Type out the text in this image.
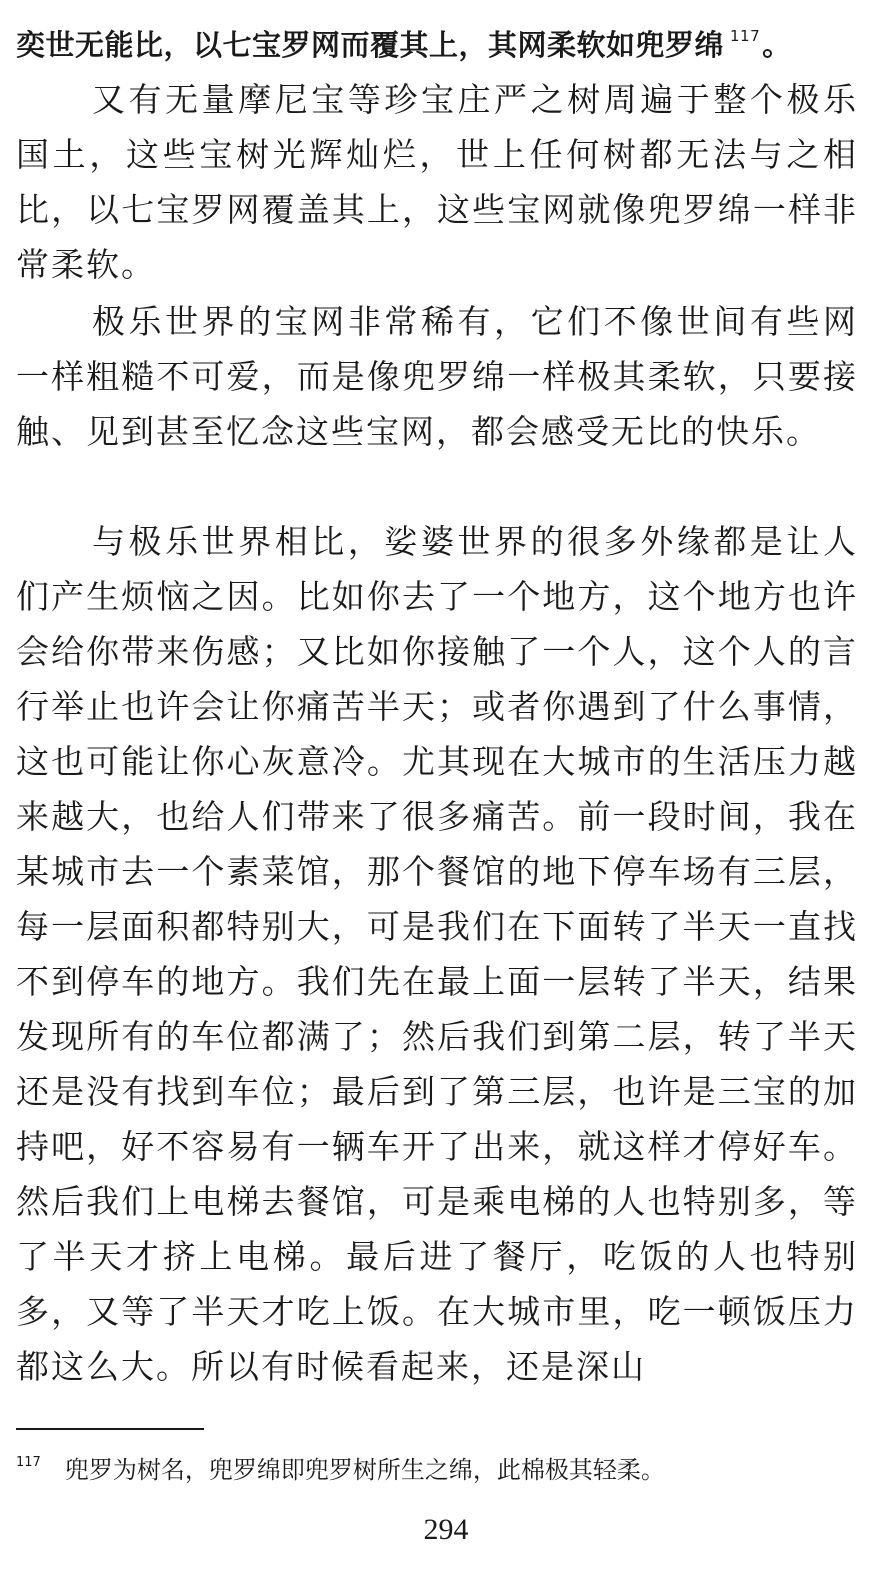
奕世无能比，以七宝罗网而覆其上，其网柔软如兜罗绵 $^{117}$。

又有无量摩尼宝等珍宝庄严之树周遍于整个极乐国土，这些宝树光辉灿烂，世上任何树都无法与之相比，以七宝罗网覆盖其上，这些宝网就像兜罗绵一样非常柔软。

极乐世界的宝网非常稀有，它们不像世间有些网一样粗糙不可爱，而是像兜罗绵一样极其柔软，只要接触、见到甚至忆念这些宝网，都会感受无比的快乐。

与极乐世界相比，娑婆世界的很多外缘都是让人们产生烦恼之因。比如你去了一个地方，这个地方也许会给你带来伤感；又比如你接触了一个人，这个人的言行举止也许会让你痛苦半天；或者你遇到了什么事情，这也可能让你心灰意冷。尤其现在大城市的生活压力越来越大，也给人们带来了很多痛苦。前一段时间，我在某城市去一个素菜馆，那个餐馆的地下停车场有三层，每一层面积都特别大，可是我们在下面转了半天一直找不到停车的地方。我们先在最上面一层转了半天，结果发现所有的车位都满了；然后我们到第二层，转了半天还是没有找到车位；最后到了第三层，也许是三宝的加持吧，好不容易有一辆车开了出来，就这样才停好车。然后我们上电梯去餐馆，可是乘电梯的人也特别多，等了半天才挤上电梯。最后进了餐厅，吃饭的人也特别多，又等了半天才吃上饭。在大城市里，吃一顿饭压力都这么大。所以有时候看起来，还是深山

$^{117}$ 兜罗为树名，兜罗绵即兜罗树所生之绵，此棉极其轻柔。
294
